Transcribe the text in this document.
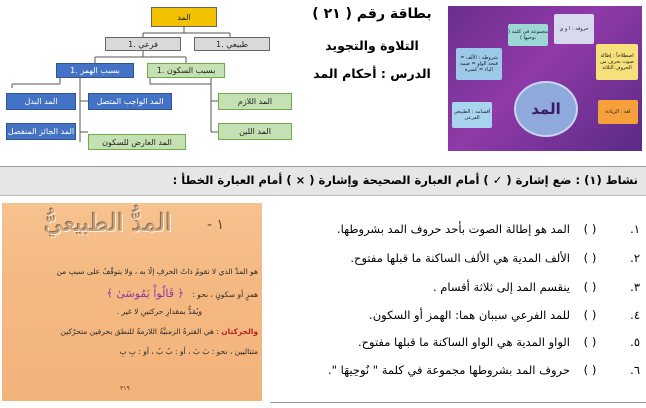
المد
1. فرعي	1. طبيعي
1. بسبب الهمز	1. بسبب السكون
المد البدل	المد الواجب المتصل
المد الجائز المنفصل
المد اللازم
المد اللين
المد العارض للسكون
بطاقة رقم ( ٢١ )
التلاوة والتجويد
الدرس : أحكام المد
المد
حروفه : ا و ي
مجموعة في كلمة ( نوحيها )
شروطه : الألف = فتحة الواو = ضمة الياء = كسرة
اصطلاحاً : إطالة صوت بحرف من الحروف الثلاثة
أقسامه : الطبيعي الفرعي
لغة : الزيادة
نشاط (١) : ضع إشارة ( ✓ ) أمام العبارة الصحيحة وإشارة ( × ) أمام العبارة الخطأ :
١ -
المدُّ الطبيعيُّ
هو المدُّ الذي لا تقومُ ذاتُ الحرفِ إلَّا به ، ولا يتوقَّفُ على سببٍ من
همزٍ أو سكونٍ ، نحو : ﴿ قَالُواْ يَمُوسَىٰ ﴾
ويُمَدُّ بمقدارِ حركتينِ لا غير .
والحركتان : هي الفترةُ الزمنيَّةُ اللازمةُ للنطقِ بحرفين متحرّكين
متتاليين ، نحو : بَ بَ ، أو : بُ بُ ، أو : بِ بِ
٣١٩
١.
( )
المد هو إطالة الصوت بأحد حروف المد بشروطها.
٢.
( )
الألف المدية هي الألف الساكنة ما قبلها مفتوح.
٣.
( )
ينقسم المد إلى ثلاثة أقسام .
٤.
( )
للمد الفرعي سببان هما: الهمز أو السكون.
٥.
( )
الواو المدية هي الواو الساكنة ما قبلها مفتوح.
٦.
( )
حروف المد بشروطها مجموعة في كلمة " نُوحِيهَا ".
